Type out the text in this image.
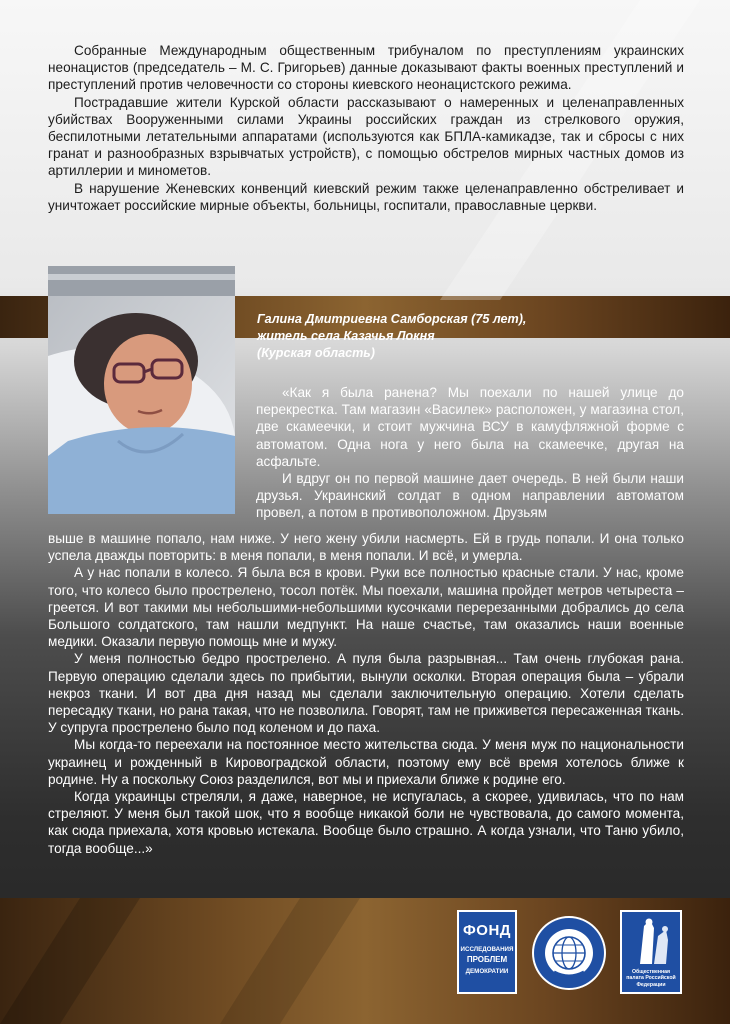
Собранные Международным общественным трибуналом по преступлениям украинских неонацистов (председатель – М. С. Григорьев) данные доказывают факты военных преступлений и преступлений против человечности со стороны киевского неонацистского режима.

Пострадавшие жители Курской области рассказывают о намеренных и целенаправленных убийствах Вооруженными силами Украины российских граждан из стрелкового оружия, беспилотными летательными аппаратами (используются как БПЛА-камикадзе, так и сбросы с них гранат и разнообразных взрывчатых устройств), с помощью обстрелов мирных частных домов из артиллерии и минометов.

В нарушение Женевских конвенций киевский режим также целенаправленно обстреливает и уничтожает российские мирные объекты, больницы, госпитали, православные церкви.

Галина Дмитриевна Самборская (75 лет),
житель села Казачья Локня
(Курская область)

«Как я была ранена? Мы поехали по нашей улице до перекрестка. Там магазин «Василек» расположен, у магазина стол, две скамеечки, и стоит мужчина ВСУ в камуфляжной форме с автоматом. Одна нога у него была на скамеечке, другая на асфальте.

И вдруг он по первой машине дает очередь. В ней были наши друзья. Украинский солдат в одном направлении автоматом провел, а потом в противоположном. Друзьям

выше в машине попало, нам ниже. У него жену убили насмерть. Ей в грудь попали. И она только успела дважды повторить: в меня попали, в меня попали. И всё, и умерла.

А у нас попали в колесо. Я была вся в крови. Руки все полностью красные стали. У нас, кроме того, что колесо было прострелено, тосол потёк. Мы поехали, машина пройдет метров четыреста – греется. И вот такими мы небольшими-небольшими кусочками перерезанными добрались до села Большого солдатского, там нашли медпункт. На наше счастье, там оказались наши военные медики. Оказали первую помощь мне и мужу.

У меня полностью бедро прострелено. А пуля была разрывная... Там очень глубокая рана. Первую операцию сделали здесь по прибытии, вынули осколки. Вторая операция была – убрали некроз ткани. И вот два дня назад мы сделали заключительную операцию. Хотели сделать пересадку ткани, но рана такая, что не позволила. Говорят, там не приживется пересаженная ткань. У супруга прострелено было под коленом и до паха.

Мы когда-то переехали на постоянное место жительства сюда. У меня муж по национальности украинец и рожденный в Кировоградской области, поэтому ему всё время хотелось ближе к родине. Ну а поскольку Союз разделился, вот мы и приехали ближе к родине его.

Когда украинцы стреляли, я даже, наверное, не испугалась, а скорее, удивилась, что по нам стреляют. У меня был такой шок, что я вообще никакой боли не чувствовала, до самого момента, как сюда приехала, хотя кровью истекала. Вообще было страшно. А когда узнали, что Таню убило, тогда вообще...»

ФОНД
ИССЛЕДОВАНИЯ
ПРОБЛЕМ
ДЕМОКРАТИИ	Общественная палата Российской Федерации
